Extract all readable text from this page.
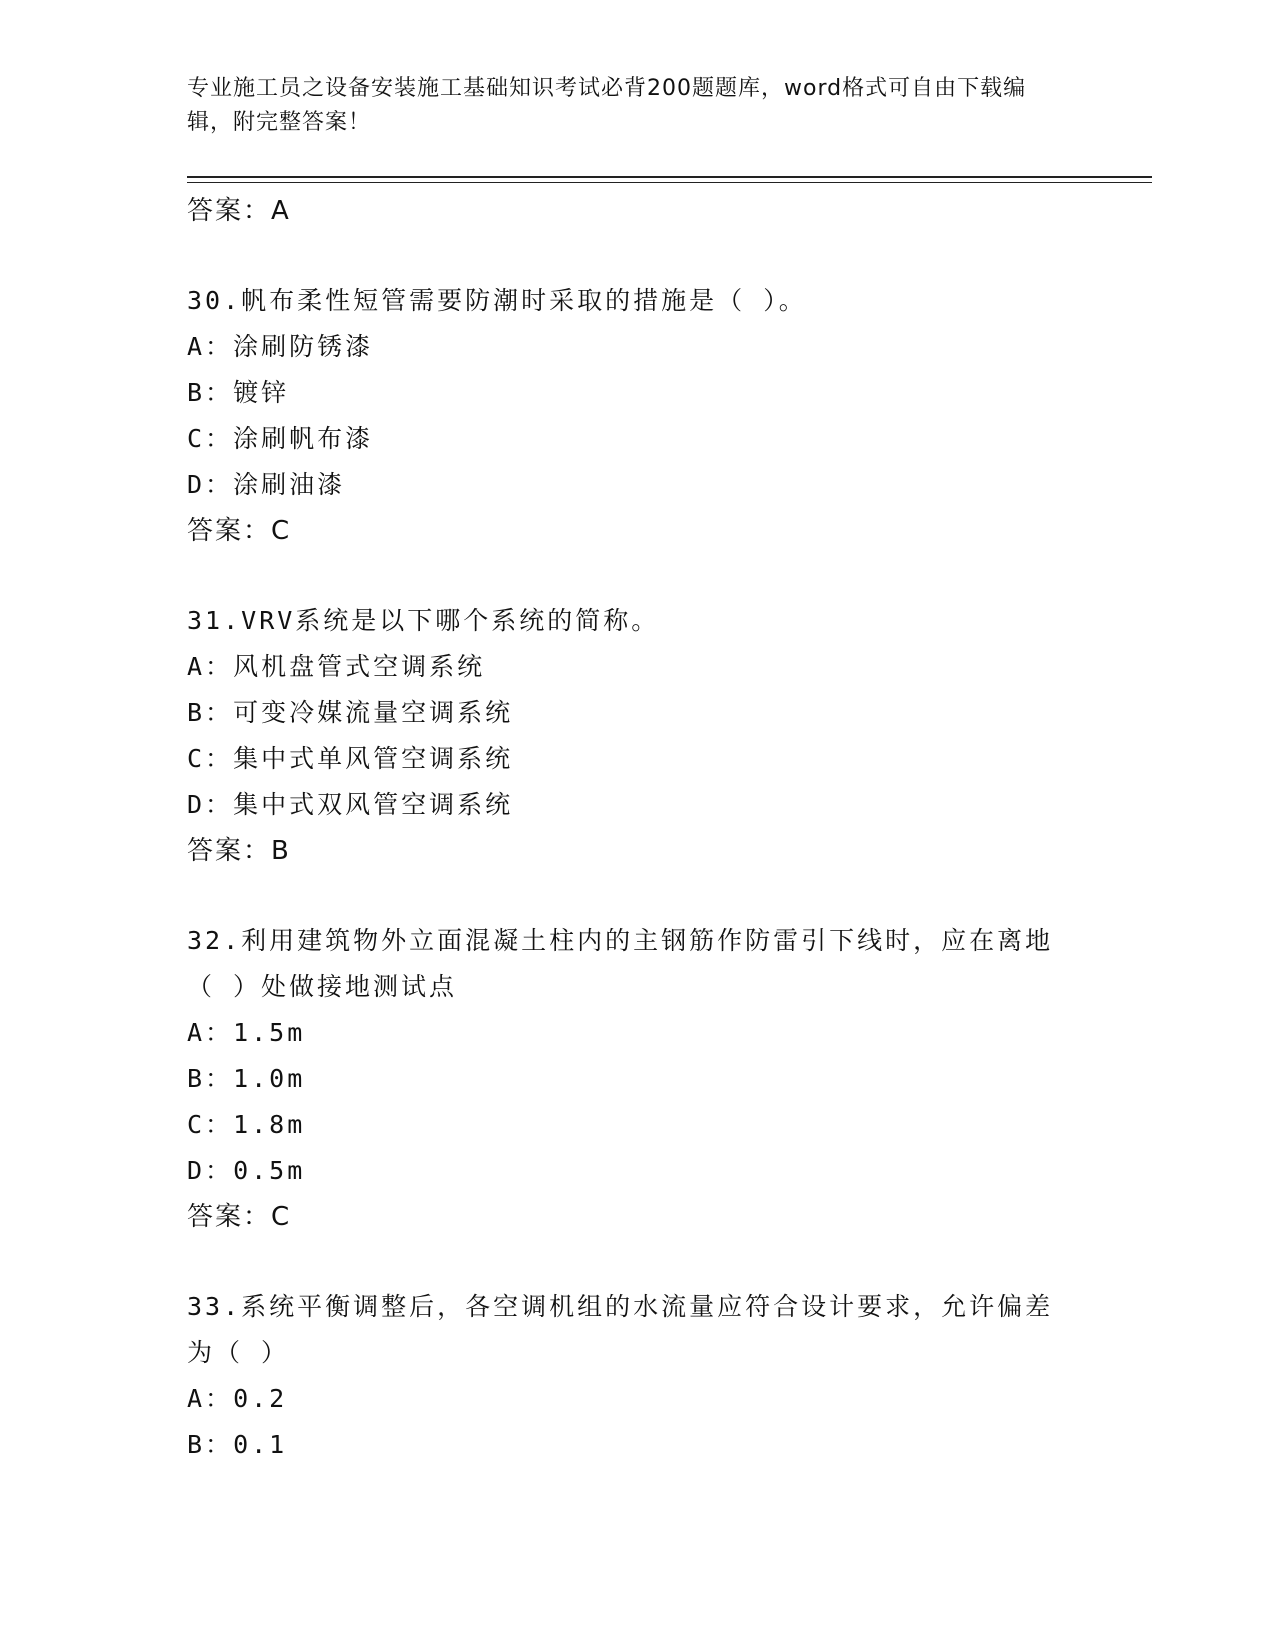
专业施工员之设备安装施工基础知识考试必背200题题库，word格式可自由下载编辑，附完整答案！
答案：A
30.帆布柔性短管需要防潮时采取的措施是（ ）。
A：涂刷防锈漆
B：镀锌
C：涂刷帆布漆
D：涂刷油漆
答案：C
31.VRV系统是以下哪个系统的简称。
A：风机盘管式空调系统
B：可变冷媒流量空调系统
C：集中式单风管空调系统
D：集中式双风管空调系统
答案：B
32.利用建筑物外立面混凝土柱内的主钢筋作防雷引下线时，应在离地
（ ）处做接地测试点
A：1.5m
B：1.0m
C：1.8m
D：0.5m
答案：C
33.系统平衡调整后，各空调机组的水流量应符合设计要求，允许偏差
为（ ）
A：0.2
B：0.1
